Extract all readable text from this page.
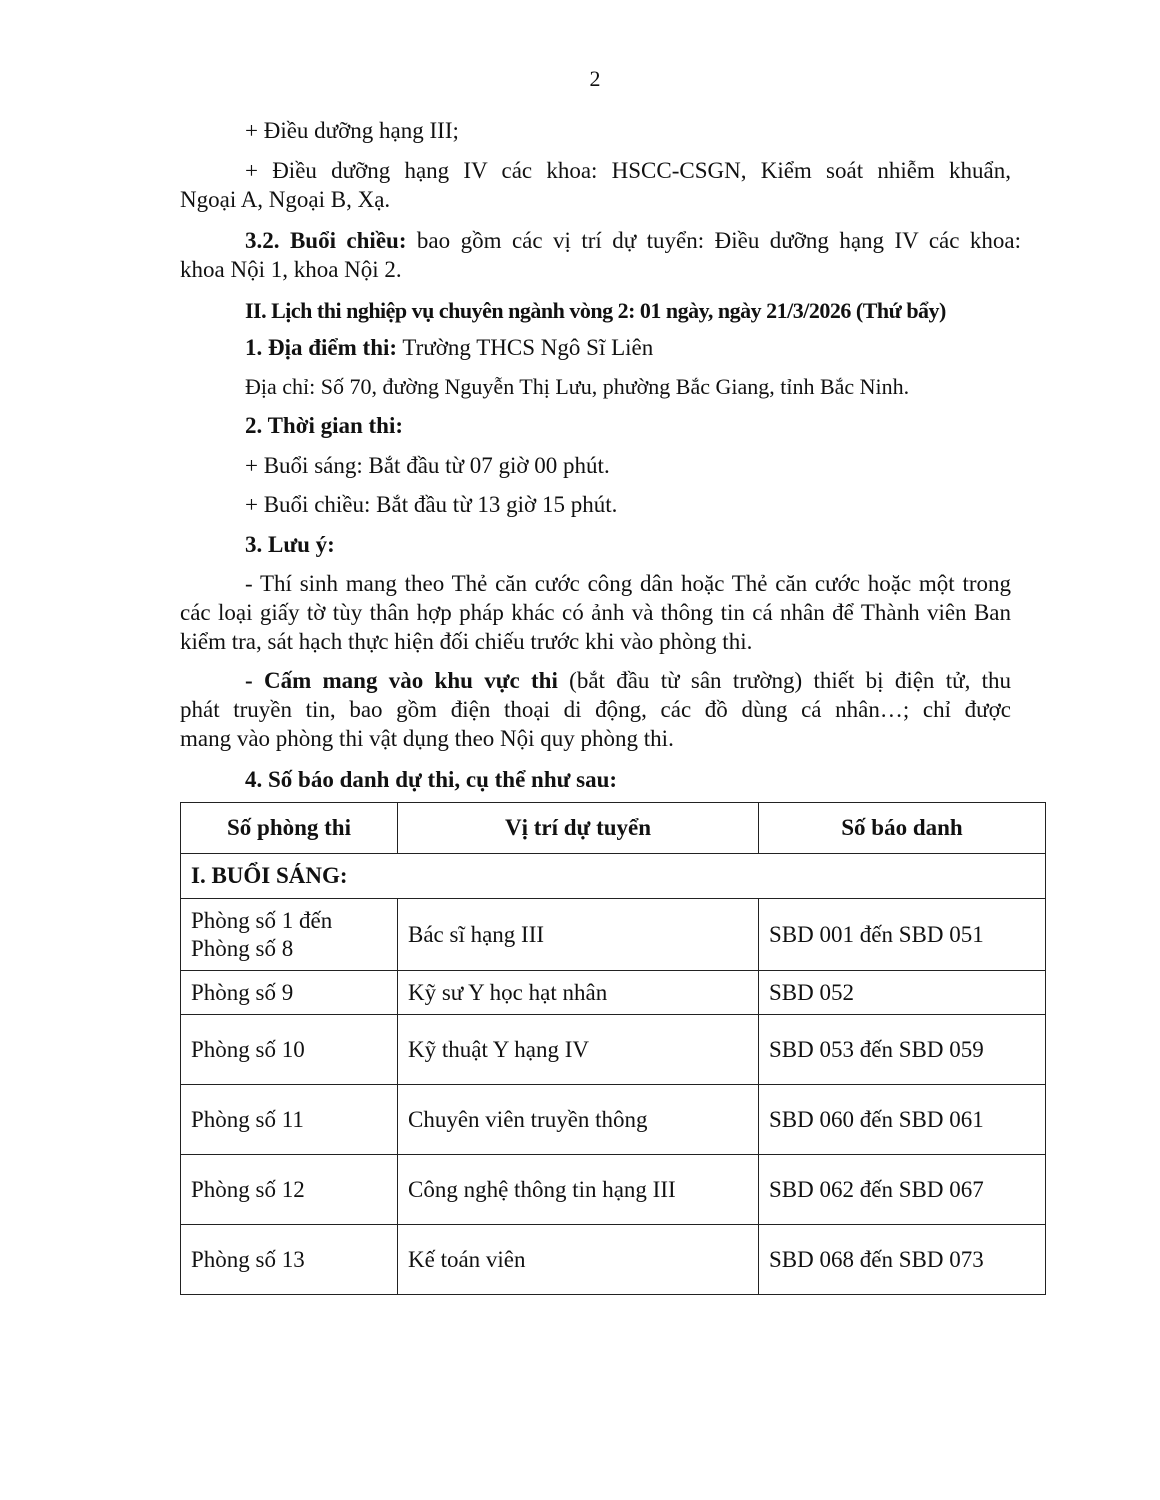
2
+ Điều dưỡng hạng III;
+ Điều dưỡng hạng IV các khoa: HSCC-CSGN, Kiểm soát nhiễm khuẩn,
Ngoại A, Ngoại B, Xạ.
3.2. Buổi chiều: bao gồm các vị trí dự tuyển: Điều dưỡng hạng IV các khoa:
khoa Nội 1, khoa Nội 2.
II. Lịch thi nghiệp vụ chuyên ngành vòng 2: 01 ngày, ngày 21/3/2026 (Thứ bẩy)
1. Địa điểm thi: Trường THCS Ngô Sĩ Liên
Địa chỉ: Số 70, đường Nguyễn Thị Lưu, phường Bắc Giang, tỉnh Bắc Ninh.
2. Thời gian thi:
+ Buổi sáng: Bắt đầu từ 07 giờ 00 phút.
+ Buổi chiều: Bắt đầu từ 13 giờ 15 phút.
3. Lưu ý:
- Thí sinh mang theo Thẻ căn cước công dân hoặc Thẻ căn cước hoặc một trong
các loại giấy tờ tùy thân hợp pháp khác có ảnh và thông tin cá nhân để Thành viên Ban
kiểm tra, sát hạch thực hiện đối chiếu trước khi vào phòng thi.
- Cấm mang vào khu vực thi (bắt đầu từ sân trường) thiết bị điện tử, thu
phát truyền tin, bao gồm điện thoại di động, các đồ dùng cá nhân…; chỉ được
mang vào phòng thi vật dụng theo Nội quy phòng thi.
4. Số báo danh dự thi, cụ thể như sau:
Số phòng thi	Vị trí dự tuyển	Số báo danh
I. BUỔI SÁNG:		

Phòng số 1 đến
Phòng số 8	Bác sĩ hạng III	SBD 001 đến SBD 051
Phòng số 9	Kỹ sư Y học hạt nhân	SBD 052
Phòng số 10	Kỹ thuật Y hạng IV	SBD 053 đến SBD 059
Phòng số 11	Chuyên viên truyền thông	SBD 060 đến SBD 061
Phòng số 12	Công nghệ thông tin hạng III	SBD 062 đến SBD 067
Phòng số 13	Kế toán viên	SBD 068 đến SBD 073
